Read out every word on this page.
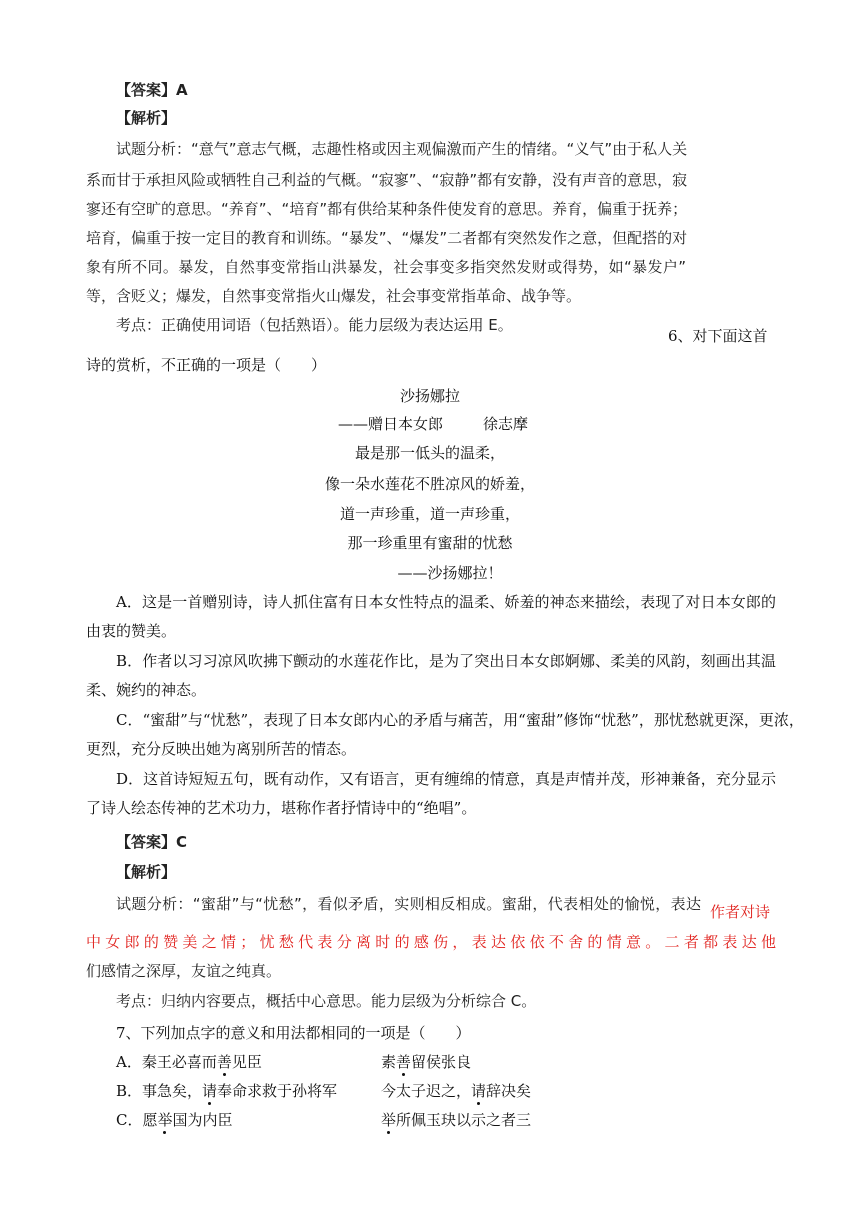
【答案】A
【解析】
试题分析：“意气”意志气概，志趣性格或因主观偏激而产生的情绪。“义气”由于私人关
系而甘于承担风险或牺牲自己利益的气概。“寂寥”、“寂静”都有安静，没有声音的意思，寂
寥还有空旷的意思。“养育”、“培育”都有供给某种条件使发育的意思。养育，偏重于抚养；
培育，偏重于按一定目的教育和训练。“暴发”、“爆发”二者都有突然发作之意，但配搭的对
象有所不同。暴发，自然事变常指山洪暴发，社会事变多指突然发财或得势，如“暴发户”
等，含贬义；爆发，自然事变常指火山爆发，社会事变常指革命、战争等。
考点：正确使用词语（包括熟语）。能力层级为表达运用 E。
6、对下面这首
诗的赏析，不正确的一项是（　　）
沙扬娜拉
——赠日本女郎	徐志摩
最是那一低头的温柔，
像一朵水莲花不胜凉风的娇羞，
道一声珍重，道一声珍重，
那一珍重里有蜜甜的忧愁
——沙扬娜拉！
A．这是一首赠别诗，诗人抓住富有日本女性特点的温柔、娇羞的神态来描绘，表现了对日本女郎的
由衷的赞美。
B．作者以习习凉风吹拂下颤动的水莲花作比，是为了突出日本女郎婀娜、柔美的风韵，刻画出其温
柔、婉约的神态。
C．“蜜甜”与“忧愁”，表现了日本女郎内心的矛盾与痛苦，用“蜜甜”修饰“忧愁”，那忧愁就更深，更浓，
更烈，充分反映出她为离别所苦的情态。
D．这首诗短短五句，既有动作，又有语言，更有缠绵的情意，真是声情并茂，形神兼备，充分显示
了诗人绘态传神的艺术功力，堪称作者抒情诗中的“绝唱”。
【答案】C
【解析】
试题分析：“蜜甜”与“忧愁”，看似矛盾，实则相反相成。蜜甜，代表相处的愉悦，表达 作者对诗
中女郎的赞美之情；忧愁代表分离时的感伤，表达依依不舍的情意。二者都表达他
们感情之深厚，友谊之纯真。
考点：归纳内容要点，概括中心意思。能力层级为分析综合 C。
7、下列加点字的意义和用法都相同的一项是（　　）
A．秦王必喜而善见臣	素善留侯张良
B．事急矣，请奉命求救于孙将军	今太子迟之，请辞决矣
C．愿举国为内臣	举所佩玉玦以示之者三
